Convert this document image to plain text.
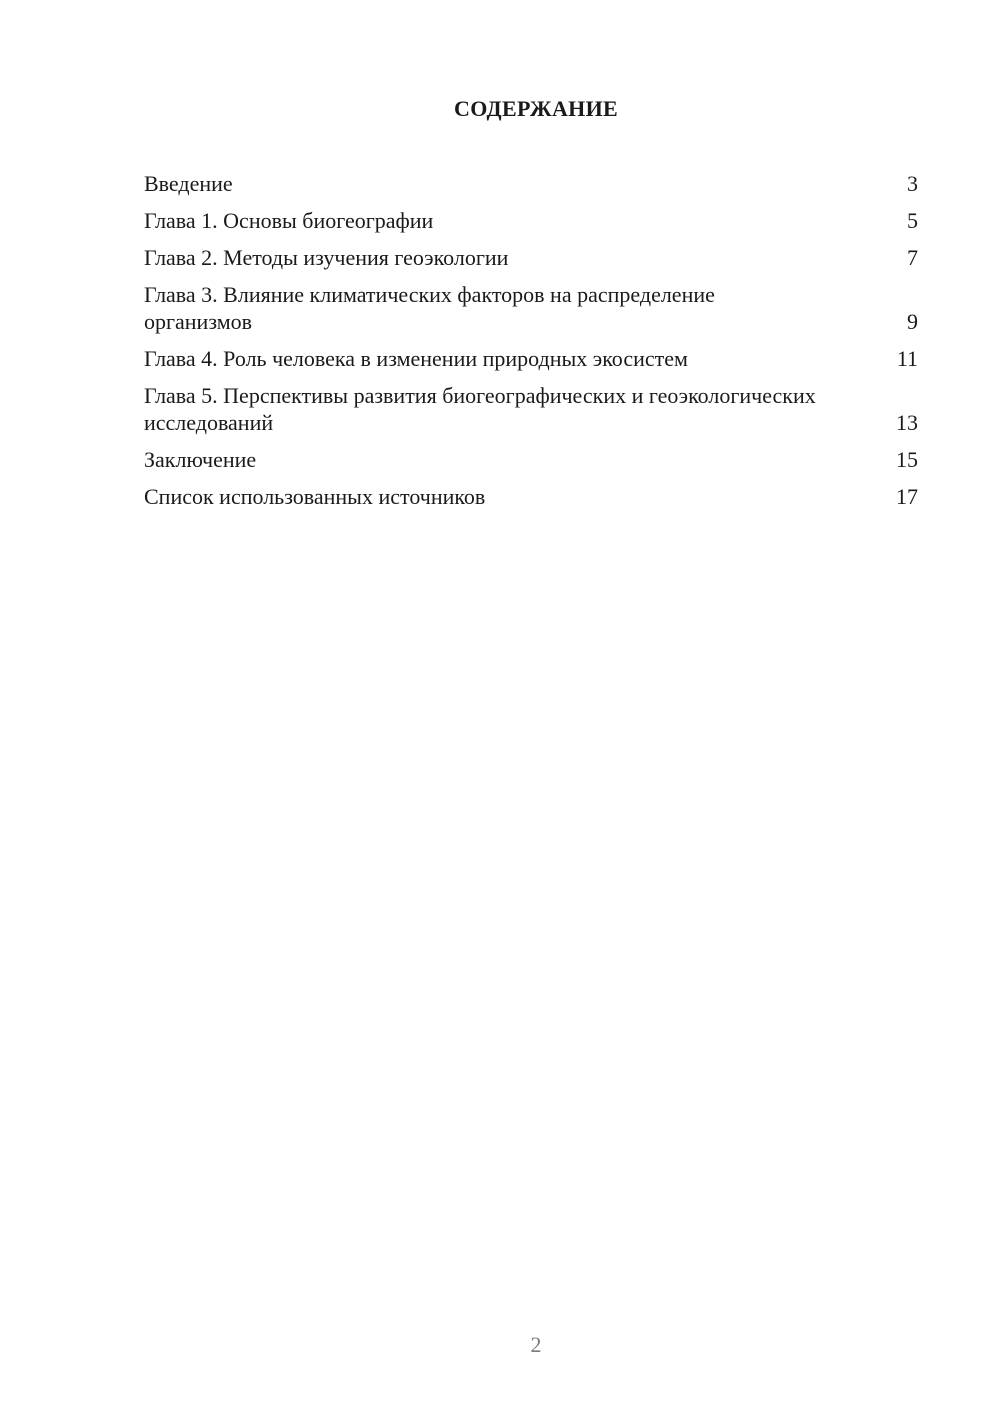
СОДЕРЖАНИЕ
Введение	3
Глава 1. Основы биогеографии	5
Глава 2. Методы изучения геоэкологии	7
Глава 3. Влияние климатических факторов на распределение организмов	9
Глава 4. Роль человека в изменении природных экосистем	11
Глава 5. Перспективы развития биогеографических и геоэкологических исследований	13
Заключение	15
Список использованных источников	17
2
